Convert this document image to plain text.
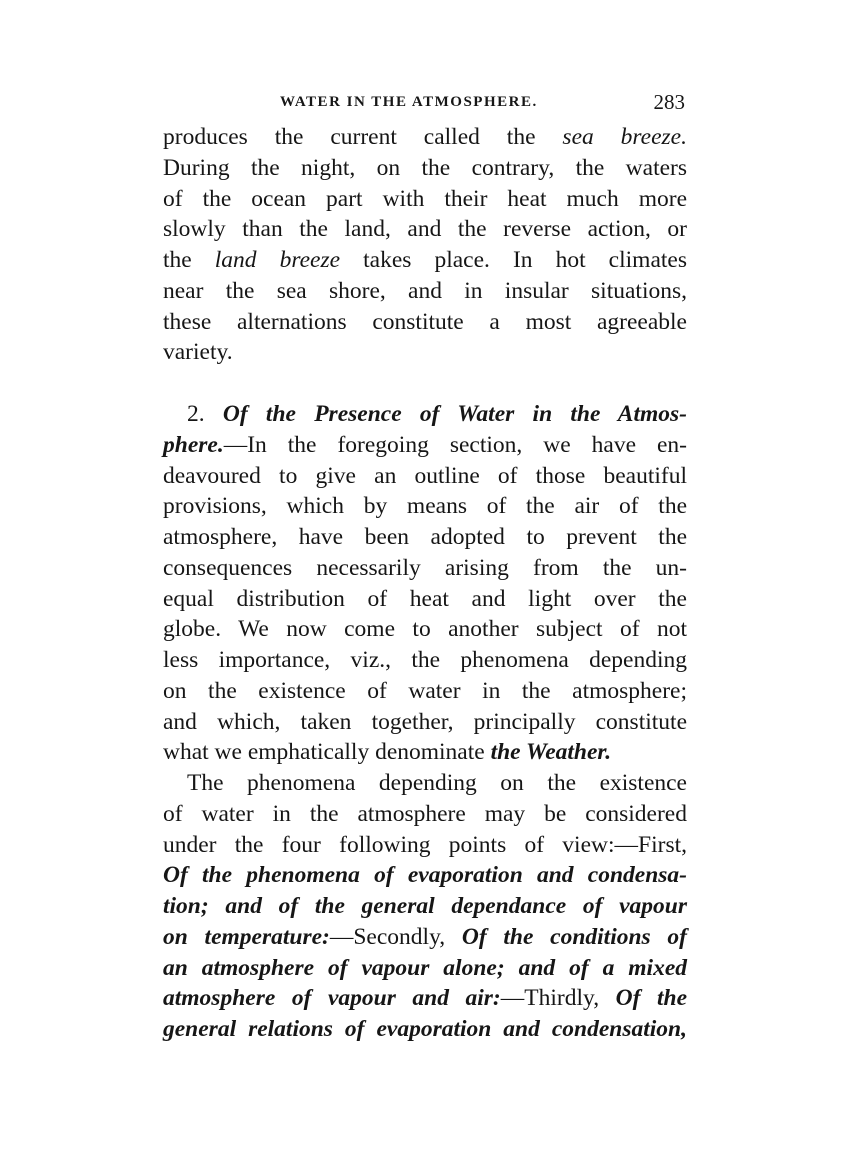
WATER IN THE ATMOSPHERE.	283
produces the current called the sea breeze.
During the night, on the contrary, the waters
of the ocean part with their heat much more
slowly than the land, and the reverse action, or
the land breeze takes place. In hot climates
near the sea shore, and in insular situations,
these alternations constitute a most agreeable
variety.
2. Of the Presence of Water in the Atmos-
phere.—In the foregoing section, we have en-
deavoured to give an outline of those beautiful
provisions, which by means of the air of the
atmosphere, have been adopted to prevent the
consequences necessarily arising from the un-
equal distribution of heat and light over the
globe. We now come to another subject of not
less importance, viz., the phenomena depending
on the existence of water in the atmosphere;
and which, taken together, principally constitute
what we emphatically denominate the Weather.
The phenomena depending on the existence
of water in the atmosphere may be considered
under the four following points of view:—First,
Of the phenomena of evaporation and condensa-
tion; and of the general dependance of vapour
on temperature:—Secondly, Of the conditions of
an atmosphere of vapour alone; and of a mixed
atmosphere of vapour and air:—Thirdly, Of the
general relations of evaporation and condensation,
